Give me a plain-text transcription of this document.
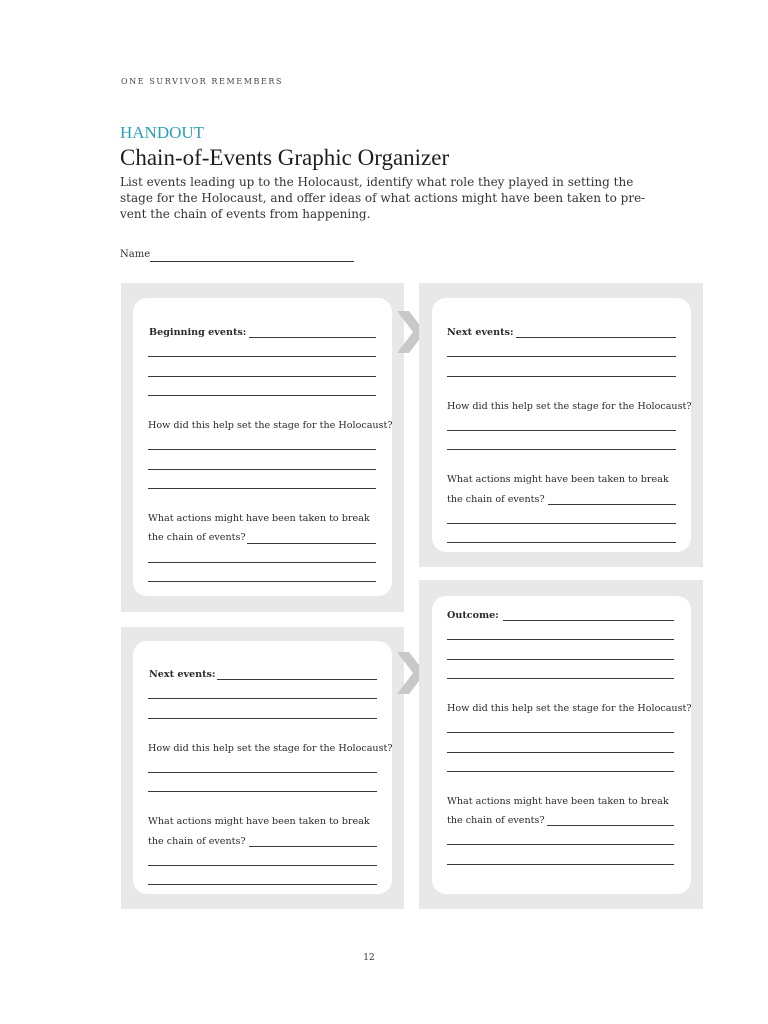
ONE SURVIVOR REMEMBERS
HANDOUT
Chain-of-Events Graphic Organizer
List events leading up to the Holocaust, identify what role they played in setting the
stage for the Holocaust, and offer ideas of what actions might have been taken to pre-
vent the chain of events from happening.
Name
Beginning events:
How did this help set the stage for the Holocaust?
What actions might have been taken to break
the chain of events?
Next events:
How did this help set the stage for the Holocaust?
What actions might have been taken to break
the chain of events?
Next events:
How did this help set the stage for the Holocaust?
What actions might have been taken to break
the chain of events?
Outcome:
How did this help set the stage for the Holocaust?
What actions might have been taken to break
the chain of events?
12
